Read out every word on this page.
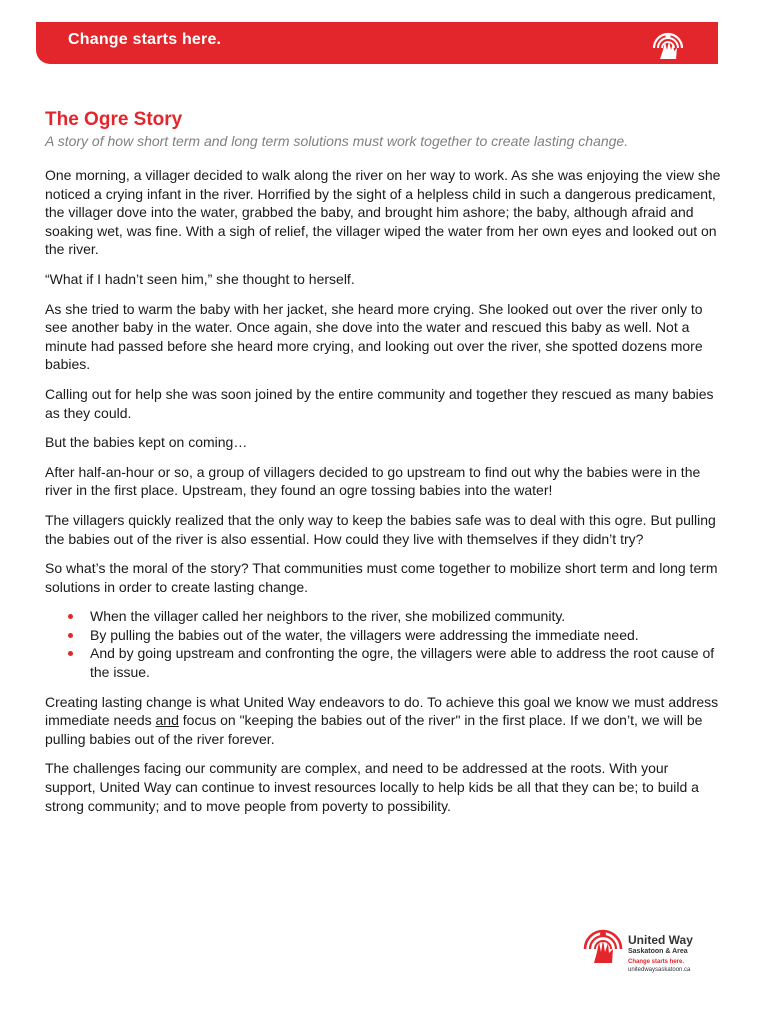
Change starts here.
The Ogre Story
A story of how short term and long term solutions must work together to create lasting change.

One morning, a villager decided to walk along the river on her way to work. As she was enjoying the view she noticed a crying infant in the river. Horrified by the sight of a helpless child in such a dangerous predicament, the villager dove into the water, grabbed the baby, and brought him ashore; the baby, although afraid and soaking wet, was fine. With a sigh of relief, the villager wiped the water from her own eyes and looked out on the river.

“What if I hadn’t seen him,” she thought to herself.

As she tried to warm the baby with her jacket, she heard more crying. She looked out over the river only to see another baby in the water. Once again, she dove into the water and rescued this baby as well. Not a minute had passed before she heard more crying, and looking out over the river, she spotted dozens more babies.

Calling out for help she was soon joined by the entire community and together they rescued as many babies as they could.

But the babies kept on coming…

After half-an-hour or so, a group of villagers decided to go upstream to find out why the babies were in the river in the first place. Upstream, they found an ogre tossing babies into the water!

The villagers quickly realized that the only way to keep the babies safe was to deal with this ogre. But pulling the babies out of the river is also essential. How could they live with themselves if they didn’t try?

So what’s the moral of the story? That communities must come together to mobilize short term and long term solutions in order to create lasting change.

When the villager called her neighbors to the river, she mobilized community.
By pulling the babies out of the water, the villagers were addressing the immediate need.
And by going upstream and confronting the ogre, the villagers were able to address the root cause of the issue.

Creating lasting change is what United Way endeavors to do. To achieve this goal we know we must address immediate needs and focus on "keeping the babies out of the river" in the first place. If we don’t, we will be pulling babies out of the river forever.

The challenges facing our community are complex, and need to be addressed at the roots. With your support, United Way can continue to invest resources locally to help kids be all that they can be; to build a strong community; and to move people from poverty to possibility.

United Way
Saskatoon & Area
Change starts here.
unitedwaysaskatoon.ca
